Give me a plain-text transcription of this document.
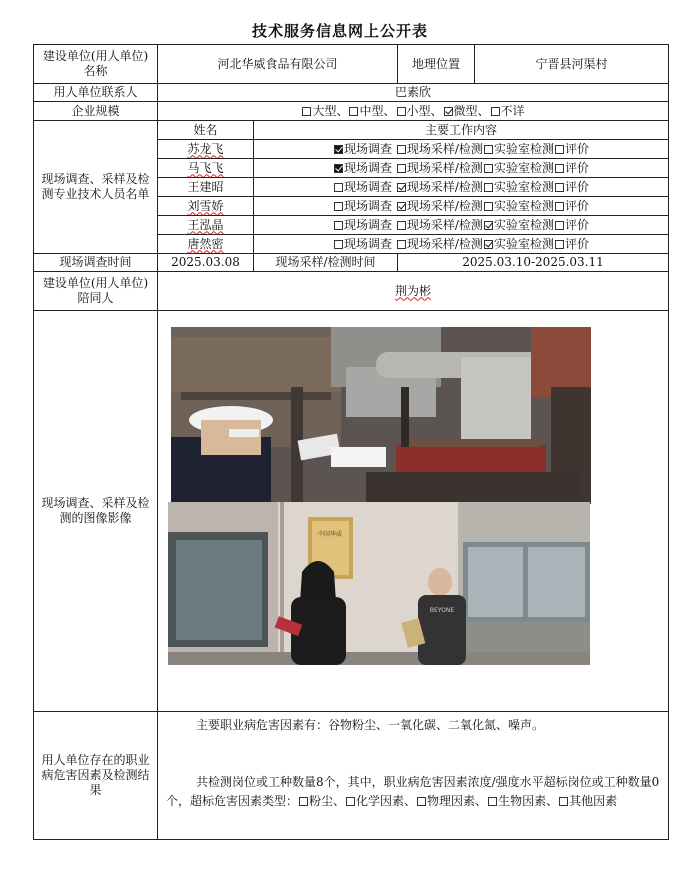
技术服务信息网上公开表
建设单位(用人单位)名称	河北华威食品有限公司		地理位置	宁晋县河渠村
用人单位联系人	巴素欣			
企业规模	大型、 中型、 小型、 微型、 不详			
现场调查、采样及检测专业技术人员名单	姓名	主要工作内容		
	苏龙飞	现场调查 现场采样/检测 实验室检测 评价		
	马飞飞	现场调查 现场采样/检测 实验室检测 评价		
	王建昭	现场调查 现场采样/检测 实验室检测 评价		
	刘雪娇	现场调查 现场采样/检测 实验室检测 评价		
	王泓晶	现场调查 现场采样/检测 实验室检测 评价		
	唐然密	现场调查 现场采样/检测 实验室检测 评价		
现场调查时间	2025.03.08	现场采样/检测时间	2025.03.10-2025.03.11	
建设单位(用人单位)陪同人	荆为彬			
现场调查、采样及检测的图像影像	中国华威
BEYONE			

用人单位存在的职业病危害因素及检测结果	主要职业病危害因素有：谷物粉尘、一氧化碳、二氧化氮、噪声。
共检测岗位或工种数量8个，其中，职业病危害因素浓度/强度水平超标岗位或工种数量0个，超标危害因素类型： 粉尘、 化学因素、 物理因素、 生物因素、 其他因素			
